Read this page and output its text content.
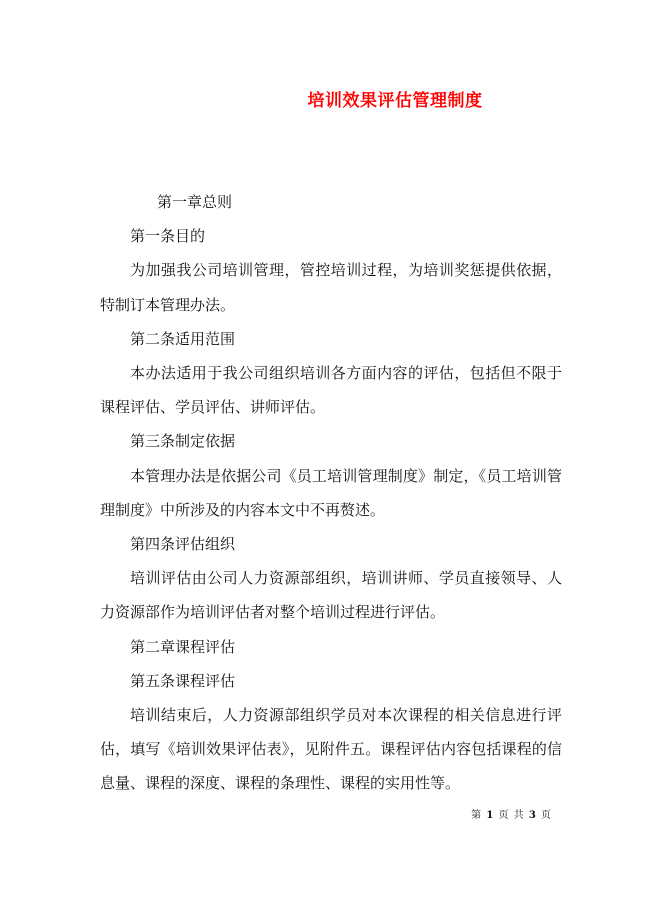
培训效果评估管理制度

第一章总则

第一条目的

为加强我公司培训管理，管控培训过程，为培训奖惩提供依据，特制订本管理办法。

第二条适用范围

本办法适用于我公司组织培训各方面内容的评估，包括但不限于课程评估、学员评估、讲师评估。

第三条制定依据

本管理办法是依据公司《员工培训管理制度》制定，《员工培训管理制度》中所涉及的内容本文中不再赘述。

第四条评估组织

培训评估由公司人力资源部组织，培训讲师、学员直接领导、人力资源部作为培训评估者对整个培训过程进行评估。

第二章课程评估

第五条课程评估

培训结束后，人力资源部组织学员对本次课程的相关信息进行评估，填写《培训效果评估表》，见附件五。课程评估内容包括课程的信息量、课程的深度、课程的条理性、课程的实用性等。

第 1 页 共 3 页
